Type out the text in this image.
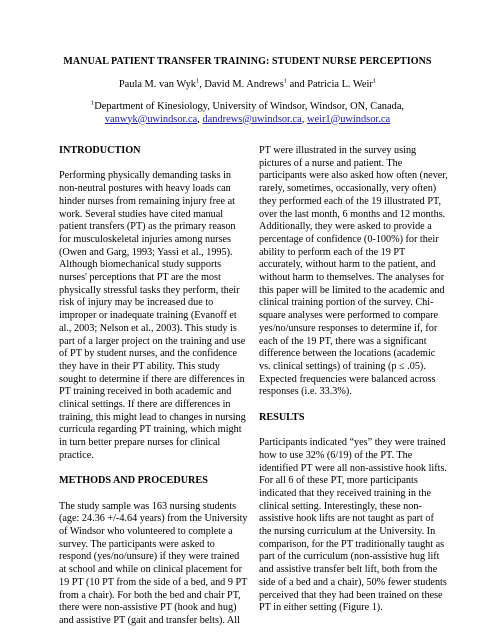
MANUAL PATIENT TRANSFER TRAINING: STUDENT NURSE PERCEPTIONS
Paula M. van Wyk$^1$, David M. Andrews$^1$ and Patricia L. Weir$^1$
$^1$Department of Kinesiology, University of Windsor, Windsor, ON, Canada,
vanwyk@uwindsor.ca, dandrews@uwindsor.ca, weir1@uwindsor.ca
INTRODUCTION
Performing physically demanding tasks in
non-neutral postures with heavy loads can
hinder nurses from remaining injury free at
work. Several studies have cited manual
patient transfers (PT) as the primary reason
for musculoskeletal injuries among nurses
(Owen and Garg, 1993; Yassi et al., 1995).
Although biomechanical study supports
nurses' perceptions that PT are the most
physically stressful tasks they perform, their
risk of injury may be increased due to
improper or inadequate training (Evanoff et
al., 2003; Nelson et al., 2003). This study is
part of a larger project on the training and use
of PT by student nurses, and the confidence
they have in their PT ability. This study
sought to determine if there are differences in
PT training received in both academic and
clinical settings. If there are differences in
training, this might lead to changes in nursing
curricula regarding PT training, which might
in turn better prepare nurses for clinical
practice.
METHODS AND PROCEDURES
The study sample was 163 nursing students
(age: 24.36 +/-4.64 years) from the University
of Windsor who volunteered to complete a
survey. The participants were asked to
respond (yes/no/unsure) if they were trained
at school and while on clinical placement for
19 PT (10 PT from the side of a bed, and 9 PT
from a chair). For both the bed and chair PT,
there were non-assistive PT (hook and hug)
and assistive PT (gait and transfer belts). All
PT were illustrated in the survey using
pictures of a nurse and patient. The
participants were also asked how often (never,
rarely, sometimes, occasionally, very often)
they performed each of the 19 illustrated PT,
over the last month, 6 months and 12 months.
Additionally, they were asked to provide a
percentage of confidence (0-100%) for their
ability to perform each of the 19 PT
accurately, without harm to the patient, and
without harm to themselves. The analyses for
this paper will be limited to the academic and
clinical training portion of the survey. Chi-
square analyses were performed to compare
yes/no/unsure responses to determine if, for
each of the 19 PT, there was a significant
difference between the locations (academic
vs. clinical settings) of training (p ≤ .05).
Expected frequencies were balanced across
responses (i.e. 33.3%).
RESULTS
Participants indicated “yes” they were trained
how to use 32% (6/19) of the PT. The
identified PT were all non-assistive hook lifts.
For all 6 of these PT, more participants
indicated that they received training in the
clinical setting. Interestingly, these non-
assistive hook lifts are not taught as part of
the nursing curriculum at the University. In
comparison, for the PT traditionally taught as
part of the curriculum (non-assistive hug lift
and assistive transfer belt lift, both from the
side of a bed and a chair), 50% fewer students
perceived that they had been trained on these
PT in either setting (Figure 1).
